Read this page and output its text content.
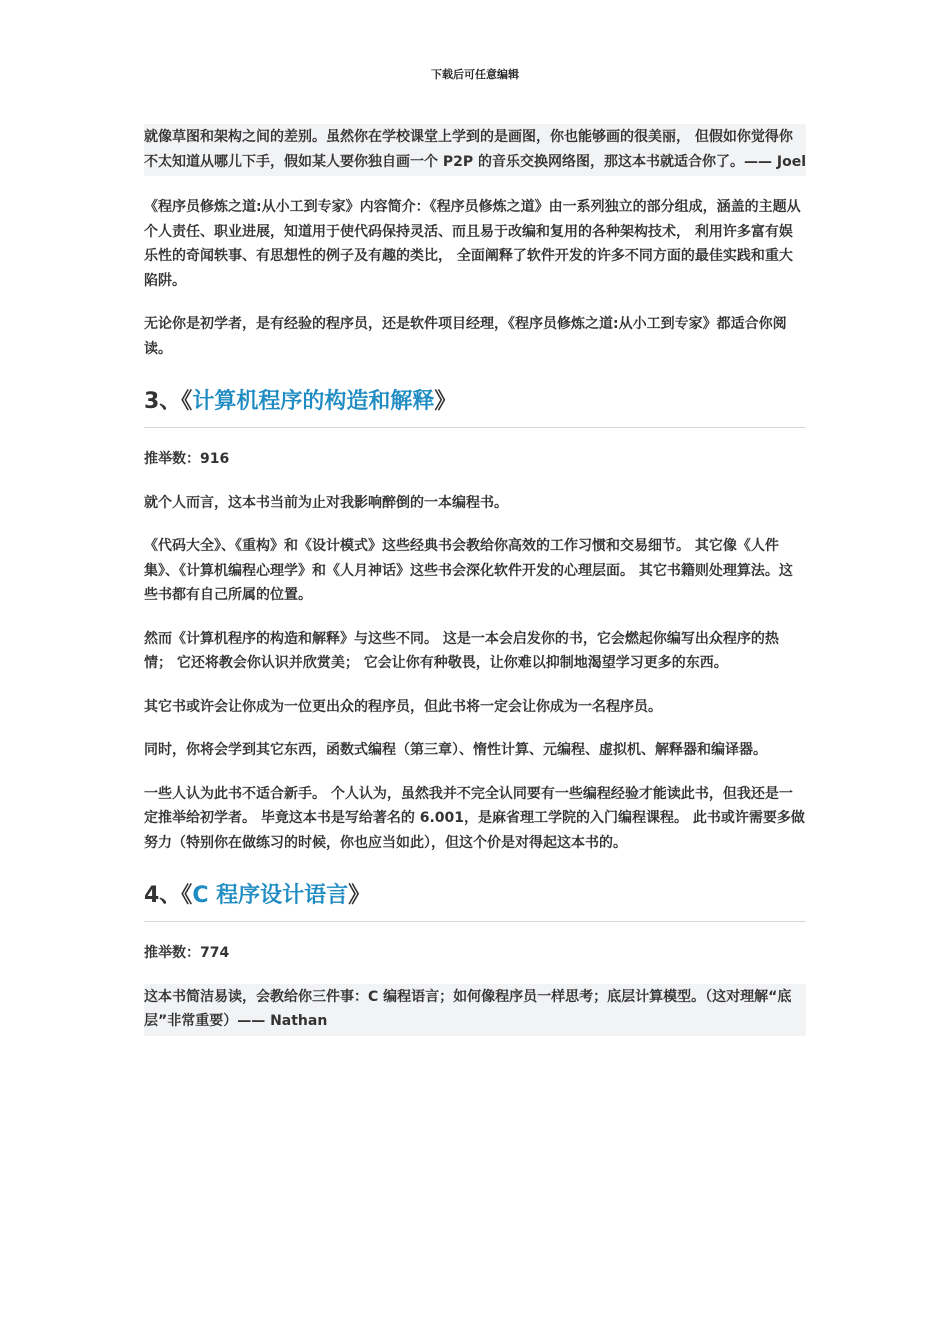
下载后可任意编辑
就像草图和架构之间的差别。虽然你在学校课堂上学到的是画图，你也能够画的很美丽， 但假如你觉得你不太知道从哪儿下手，假如某人要你独自画一个 P2P 的音乐交换网络图，那这本书就适合你了。—— Joel
《程序员修炼之道:从小工到专家》内容简介：《程序员修炼之道》由一系列独立的部分组成，涵盖的主题从个人责任、职业进展，知道用于使代码保持灵活、而且易于改编和复用的各种架构技术， 利用许多富有娱乐性的奇闻轶事、有思想性的例子及有趣的类比， 全面阐释了软件开发的许多不同方面的最佳实践和重大陷阱。
无论你是初学者，是有经验的程序员，还是软件项目经理，《程序员修炼之道:从小工到专家》都适合你阅读。
3、《计算机程序的构造和解释》
推举数：916
就个人而言，这本书当前为止对我影响醉倒的一本编程书。
《代码大全》、《重构》和《设计模式》这些经典书会教给你高效的工作习惯和交易细节。 其它像《人件集》、《计算机编程心理学》和《人月神话》这些书会深化软件开发的心理层面。 其它书籍则处理算法。这些书都有自己所属的位置。
然而《计算机程序的构造和解释》与这些不同。 这是一本会启发你的书，它会燃起你编写出众程序的热情； 它还将教会你认识并欣赏美； 它会让你有种敬畏，让你难以抑制地渴望学习更多的东西。
其它书或许会让你成为一位更出众的程序员，但此书将一定会让你成为一名程序员。
同时，你将会学到其它东西，函数式编程（第三章）、惰性计算、元编程、虚拟机、解释器和编译器。
一些人认为此书不适合新手。 个人认为，虽然我并不完全认同要有一些编程经验才能读此书，但我还是一定推举给初学者。 毕竟这本书是写给著名的 6.001，是麻省理工学院的入门编程课程。 此书或许需要多做努力（特别你在做练习的时候，你也应当如此），但这个价是对得起这本书的。
4、《C 程序设计语言》
推举数：774
这本书简洁易读，会教给你三件事：C 编程语言；如何像程序员一样思考；底层计算模型。（这对理解“底层”非常重要）—— Nathan
